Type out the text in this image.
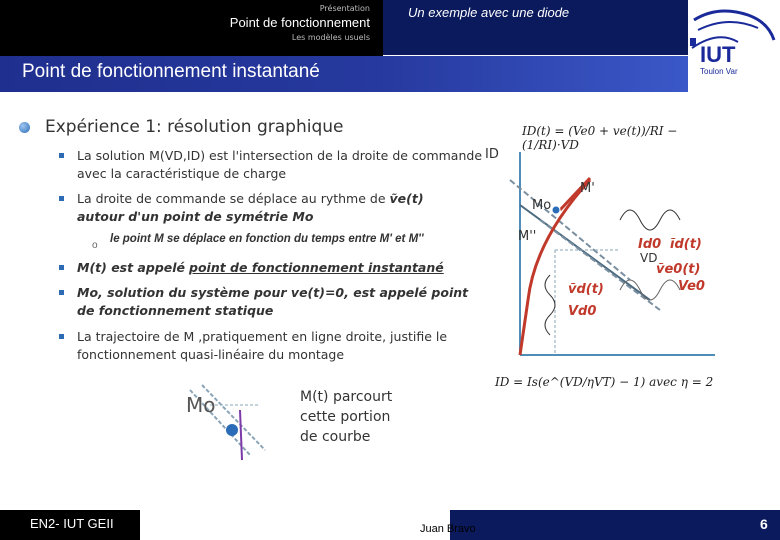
Présentation
Point de fonctionnement
Les modèles usuels
Un exemple avec une diode
IUT
Toulon Var
Point de fonctionnement instantané
Expérience 1: résolution graphique
La solution M(VD,ID) est l'intersection de la droite de commande avec la caractéristique de charge
La droite de commande se déplace au rythme de ṽe(t)
autour d'un point de symétrie Mo
o
le point M se déplace en fonction du temps entre M' et M''
M(t) est appelé point de fonctionnement instantané
Mo, solution du système pour ve(t)=0, est appelé point de fonctionnement statique
La trajectoire de M ,pratiquement en ligne droite, justifie le fonctionnement quasi-linéaire du montage
ID
M'
Mo
M''
Id0 ĩd(t)
VD
ṽe0(t)
Ve0
ṽd(t)
Vd0
ID(t) = (Ve0 + ve(t))/RI − (1/RI)·VD
ID = Is(e^(VD/ηVT) − 1) avec η = 2
Mo	M(t) parcourt
cette portion
de courbe
EN2- IUT GEII	Juan Bravo	6
